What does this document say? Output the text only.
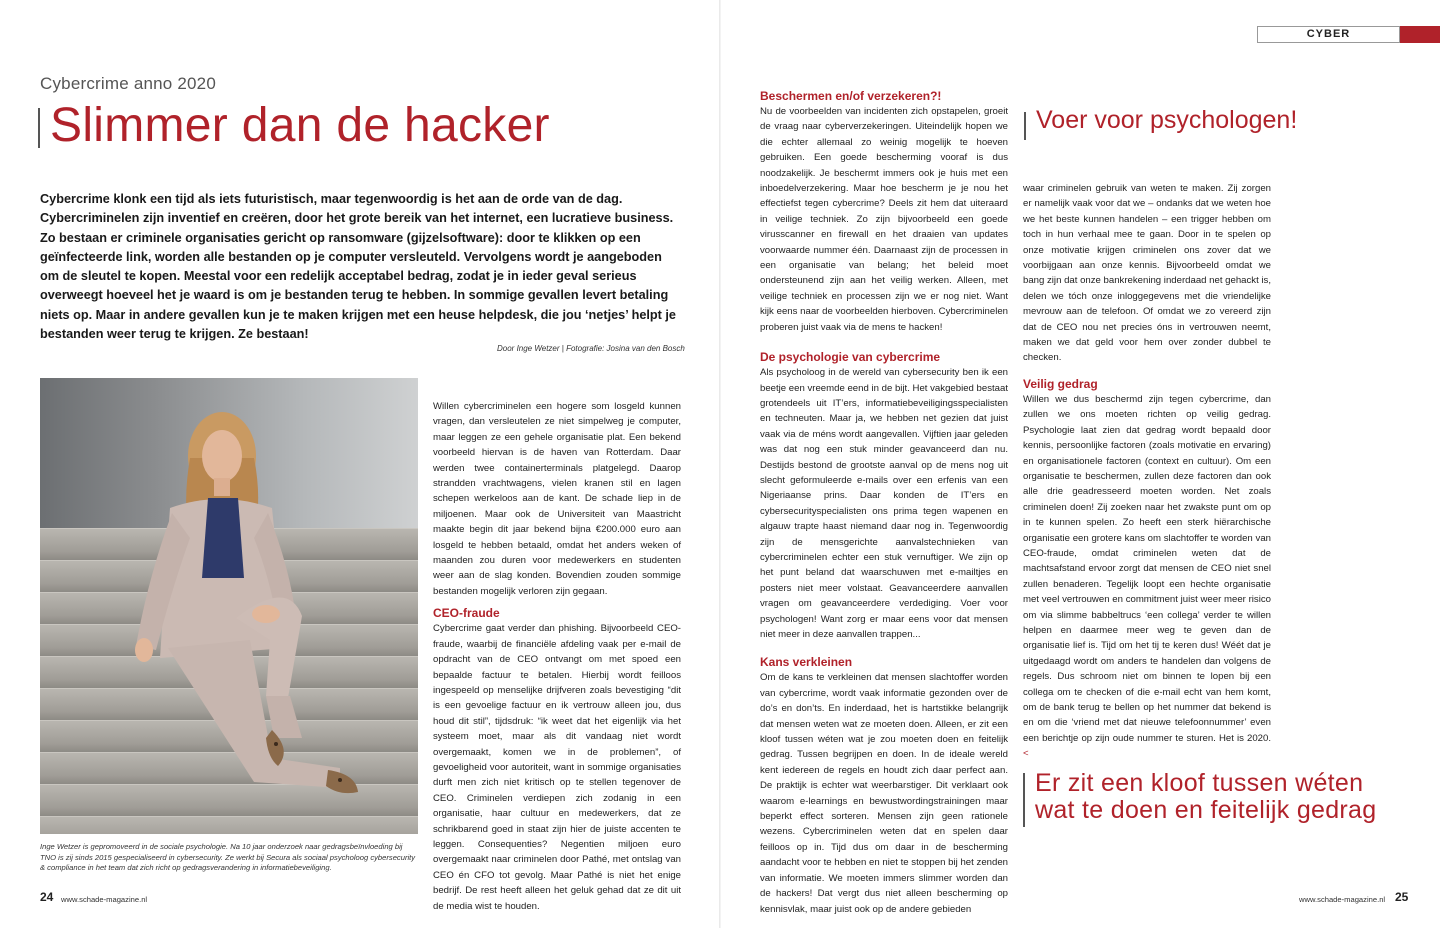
Cybercrime anno 2020
Slimmer dan de hacker
Cybercrime klonk een tijd als iets futuristisch, maar tegenwoordig is het aan de orde van de dag. Cybercriminelen zijn inventief en creëren, door het grote bereik van het internet, een lucratieve business. Zo bestaan er criminele organisaties gericht op ransomware (gijzelsoftware): door te klikken op een geïnfecteerde link, worden alle bestanden op je computer versleuteld. Vervolgens wordt je aangeboden om de sleutel te kopen. Meestal voor een redelijk acceptabel bedrag, zodat je in ieder geval serieus overweegt hoeveel het je waard is om je bestanden terug te hebben. In sommige gevallen levert betaling niets op. Maar in andere gevallen kun je te maken krijgen met een heuse helpdesk, die jou ‘netjes’ helpt je bestanden weer terug te krijgen. Ze bestaan!
Door Inge Wetzer | Fotografie: Josina van den Bosch
Inge Wetzer is gepromoveerd in de sociale psychologie. Na 10 jaar onderzoek naar gedragsbeïnvloeding bij TNO is zij sinds 2015 gespecialiseerd in cybersecurity. Ze werkt bij Secura als sociaal psycholoog cybersecurity & compliance in het team dat zich richt op gedragsverandering in informatiebeveiliging.

Willen cybercriminelen een hogere som losgeld kunnen vragen, dan versleutelen ze niet simpelweg je computer, maar leggen ze een gehele organisatie plat. Een bekend voorbeeld hiervan is de haven van Rotterdam. Daar werden twee containerterminals platgelegd. Daarop strandden vrachtwagens, vielen kranen stil en lagen schepen werkeloos aan de kant. De schade liep in de miljoenen. Maar ook de Universiteit van Maastricht maakte begin dit jaar bekend bijna €200.000 euro aan losgeld te hebben betaald, omdat het anders weken of maanden zou duren voor medewerkers en studenten weer aan de slag konden. Bovendien zouden sommige bestanden mogelijk verloren zijn gegaan.

CEO-fraude

Cybercrime gaat verder dan phishing. Bijvoorbeeld CEO-fraude, waarbij de financiële afdeling vaak per e-mail de opdracht van de CEO ontvangt om met spoed een bepaalde factuur te betalen. Hierbij wordt feilloos ingespeeld op menselijke drijfveren zoals bevestiging “dit is een gevoelige factuur en ik vertrouw alleen jou, dus houd dit stil”, tijdsdruk: “ik weet dat het eigenlijk via het systeem moet, maar als dit vandaag niet wordt overgemaakt, komen we in de problemen”, of gevoeligheid voor autoriteit, want in sommige organisaties durft men zich niet kritisch op te stellen tegenover de CEO. Criminelen verdiepen zich zodanig in een organisatie, haar cultuur en medewerkers, dat ze schrikbarend goed in staat zijn hier de juiste accenten te leggen. Consequenties? Negentien miljoen euro overgemaakt naar criminelen door Pathé, met ontslag van CEO én CFO tot gevolg. Maar Pathé is niet het enige bedrijf. De rest heeft alleen het geluk gehad dat ze dit uit de media wist te houden.

24 www.schade-magazine.nl
CYBER
Beschermen en/of verzekeren?!

Nu de voorbeelden van incidenten zich opstapelen, groeit de vraag naar cyberverzekeringen. Uiteindelijk hopen we die echter allemaal zo weinig mogelijk te hoeven gebruiken. Een goede bescherming vooraf is dus noodzakelijk. Je beschermt immers ook je huis met een inboedelverzekering. Maar hoe bescherm je je nou het effectiefst tegen cybercrime? Deels zit hem dat uiteraard in veilige techniek. Zo zijn bijvoorbeeld een goede virusscanner en firewall en het draaien van updates voorwaarde nummer één. Daarnaast zijn de processen in een organisatie van belang; het beleid moet ondersteunend zijn aan het veilig werken. Alleen, met veilige techniek en processen zijn we er nog niet. Want kijk eens naar de voorbeelden hierboven. Cybercriminelen proberen juist vaak via de mens te hacken!

De psychologie van cybercrime

Als psycholoog in de wereld van cybersecurity ben ik een beetje een vreemde eend in de bijt. Het vakgebied bestaat grotendeels uit IT’ers, informatiebeveiligingsspecialisten en techneuten. Maar ja, we hebben net gezien dat juist vaak via de méns wordt aangevallen. Vijftien jaar geleden was dat nog een stuk minder geavanceerd dan nu. Destijds bestond de grootste aanval op de mens nog uit slecht geformuleerde e-mails over een erfenis van een Nigeriaanse prins. Daar konden de IT’ers en cybersecurityspecialisten ons prima tegen wapenen en algauw trapte haast niemand daar nog in. Tegenwoordig zijn de mensgerichte aanvalstechnieken van cybercriminelen echter een stuk vernuftiger. We zijn op het punt beland dat waarschuwen met e-mailtjes en posters niet meer volstaat. Geavanceerdere aanvallen vragen om geavanceerdere verdediging. Voer voor psychologen! Want zorg er maar eens voor dat mensen niet meer in deze aanvallen trappen...

Kans verkleinen

Om de kans te verkleinen dat mensen slachtoffer worden van cybercrime, wordt vaak informatie gezonden over de do’s en don’ts. En inderdaad, het is hartstikke belangrijk dat mensen weten wat ze moeten doen. Alleen, er zit een kloof tussen wéten wat je zou moeten doen en feitelijk gedrag. Tussen begrijpen en doen. In de ideale wereld kent iedereen de regels en houdt zich daar perfect aan. De praktijk is echter wat weerbarstiger. Dit verklaart ook waarom e-learnings en bewustwordingstrainingen maar beperkt effect sorteren. Mensen zijn geen rationele wezens. Cybercriminelen weten dat en spelen daar feilloos op in. Tijd dus om daar in de bescherming aandacht voor te hebben en niet te stoppen bij het zenden van informatie. We moeten immers slimmer worden dan de hackers! Dat vergt dus niet alleen bescherming op kennisvlak, maar juist ook op de andere gebieden

Voer voor psychologen!

waar criminelen gebruik van weten te maken. Zij zorgen er namelijk vaak voor dat we – ondanks dat we weten hoe we het beste kunnen handelen – een trigger hebben om toch in hun verhaal mee te gaan. Door in te spelen op onze motivatie krijgen criminelen ons zover dat we voorbijgaan aan onze kennis. Bijvoorbeeld omdat we bang zijn dat onze bankrekening inderdaad net gehackt is, delen we tóch onze inloggegevens met die vriendelijke mevrouw aan de telefoon. Of omdat we zo vereerd zijn dat de CEO nou net precies óns in vertrouwen neemt, maken we dat geld voor hem over zonder dubbel te checken.

Veilig gedrag

Willen we dus beschermd zijn tegen cybercrime, dan zullen we ons moeten richten op veilig gedrag. Psychologie laat zien dat gedrag wordt bepaald door kennis, persoonlijke factoren (zoals motivatie en ervaring) en organisationele factoren (context en cultuur). Om een organisatie te beschermen, zullen deze factoren dan ook alle drie geadresseerd moeten worden. Net zoals criminelen doen! Zij zoeken naar het zwakste punt om op in te kunnen spelen. Zo heeft een sterk hiërarchische organisatie een grotere kans om slachtoffer te worden van CEO-fraude, omdat criminelen weten dat de machtsafstand ervoor zorgt dat mensen de CEO niet snel zullen benaderen. Tegelijk loopt een hechte organisatie met veel vertrouwen en commitment juist weer meer risico om via slimme babbeltrucs ‘een collega’ verder te willen helpen en daarmee meer weg te geven dan de organisatie lief is. Tijd om het tij te keren dus! Wéét dat je uitgedaagd wordt om anders te handelen dan volgens de regels. Dus schroom niet om binnen te lopen bij een collega om te checken of die e-mail echt van hem komt, om de bank terug te bellen op het nummer dat bekend is en om die ‘vriend met dat nieuwe telefoonnummer’ even een berichtje op zijn oude nummer te sturen. Het is 2020. <

Er zit een kloof tussen wéten
wat te doen en feitelijk gedrag
www.schade-magazine.nl 25
